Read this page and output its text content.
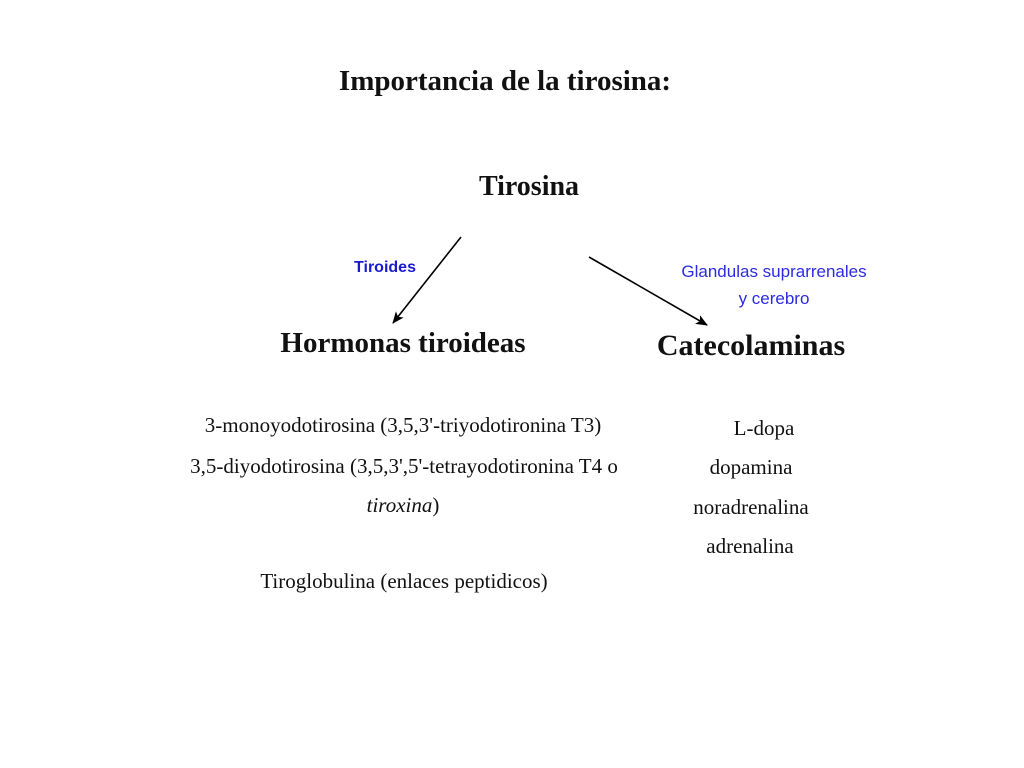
Importancia de la tirosina:
Tirosina
Tiroides	Glandulas suprarrenales
y cerebro
Hormonas tiroideas	Catecolaminas
3-monoyodotirosina (3,5,3'-triyodotironina T3)
3,5-diyodotirosina (3,5,3',5'-tetrayodotironina T4 o
tiroxina)
Tiroglobulina (enlaces peptidicos)
L-dopa
dopamina
noradrenalina
adrenalina
